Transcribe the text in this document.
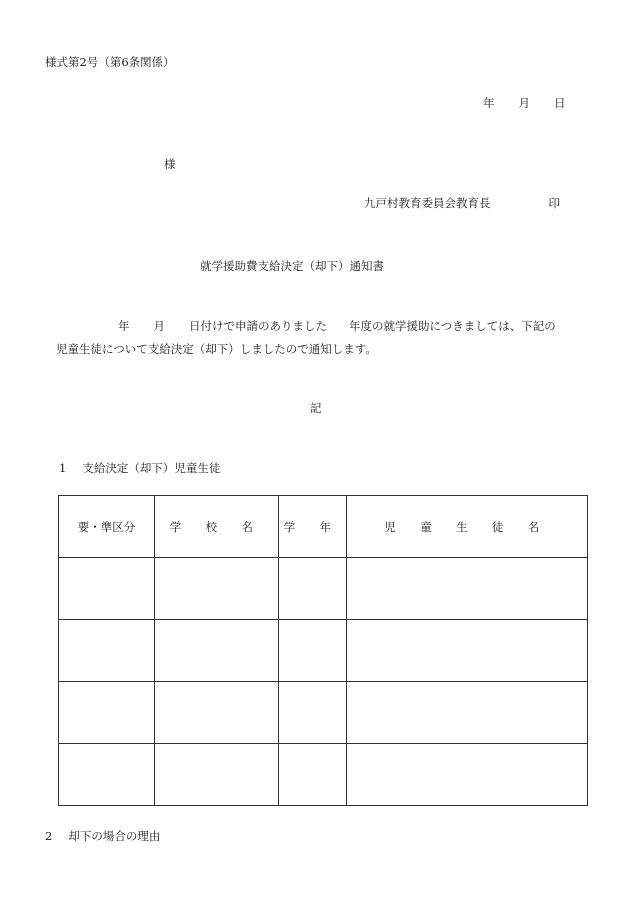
様式第2号（第6条関係）
年 月 日
様
九戸村教育委員会教育長	印
就学援助費支給決定（却下）通知書
年 月 日付けで申請のありました 年度の就学援助につきましては、下記の
児童生徒について支給決定（却下）しましたので通知します。
記
1 支給決定（却下）児童生徒
要・準区分	学 校 名	学 年	児 童 生 徒 名

2 却下の場合の理由
